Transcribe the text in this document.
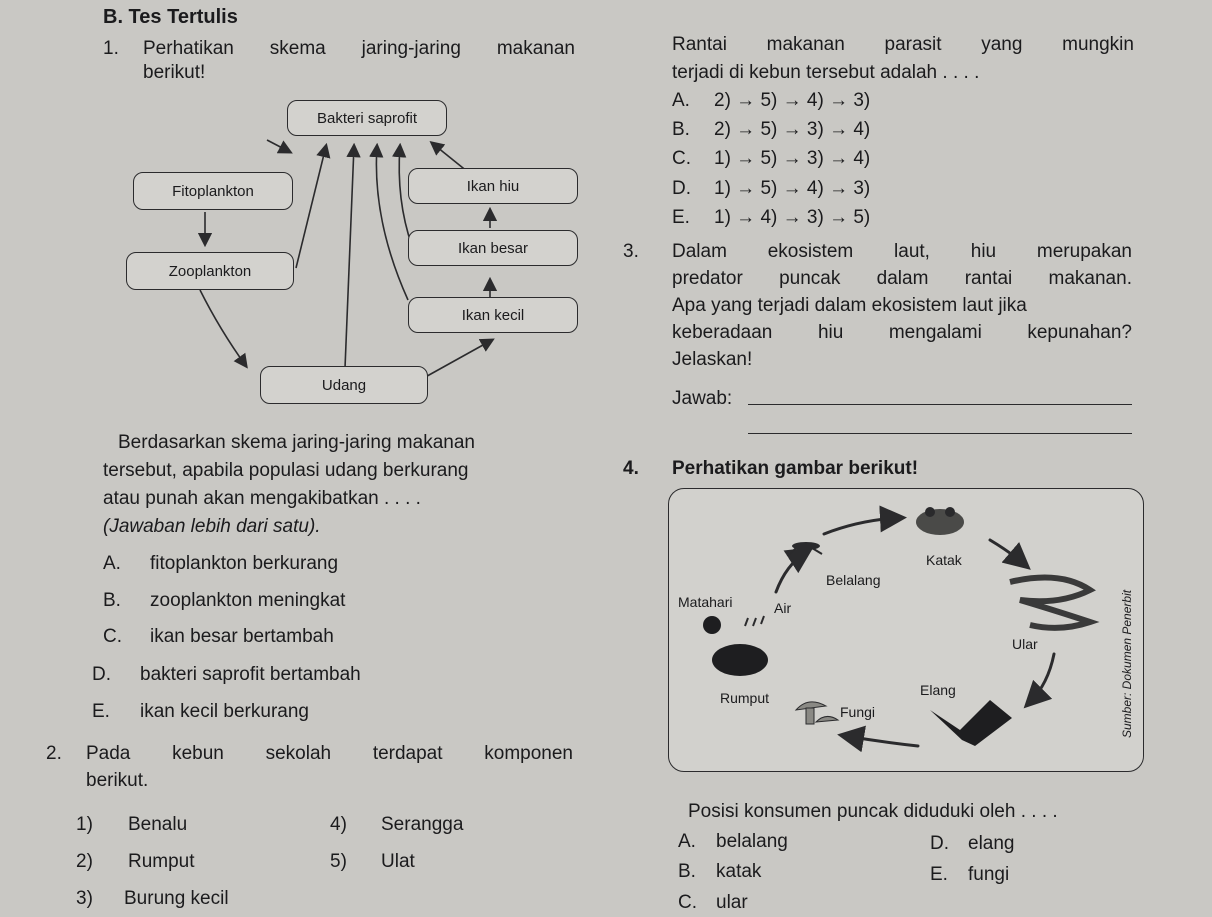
B. Tes Tertulis
1. Perhatikan skema jaring-jaring makanan
berikut!
Bakteri saprofit
Fitoplankton	Ikan hiu
Ikan besar
Zooplankton
Ikan kecil
Udang
Berdasarkan skema jaring-jaring makanan
tersebut, apabila populasi udang berkurang
atau punah akan mengakibatkan . . . .
(Jawaban lebih dari satu).
A. fitoplankton berkurang
B. zooplankton meningkat
C. ikan besar bertambah
D. bakteri saprofit bertambah
E. ikan kecil berkurang
2. Pada kebun sekolah terdapat komponen
berikut.
1) Benalu	4) Serangga
2) Rumput	5) Ulat
3) Burung kecil
Rantai makanan parasit yang mungkin
terjadi di kebun tersebut adalah . . . .
A. 2) → 5) → 4) → 3)
B. 2) → 5) → 3) → 4)
C. 1) → 5) → 3) → 4)
D. 1) → 5) → 4) → 3)
E. 1) → 4) → 3) → 5)
3. Dalam ekosistem laut, hiu merupakan
predator puncak dalam rantai makanan.
Apa yang terjadi dalam ekosistem laut jika
keberadaan hiu mengalami kepunahan?
Jelaskan!
Jawab:
4. Perhatikan gambar berikut!
Katak
Belalang
Matahari	Air
Ular
Elang
Rumput
Fungi	Sumber: Dokumen Penerbit
Posisi konsumen puncak diduduki oleh . . . .
A. belalang	D. elang
B. katak	E. fungi
C. ular
